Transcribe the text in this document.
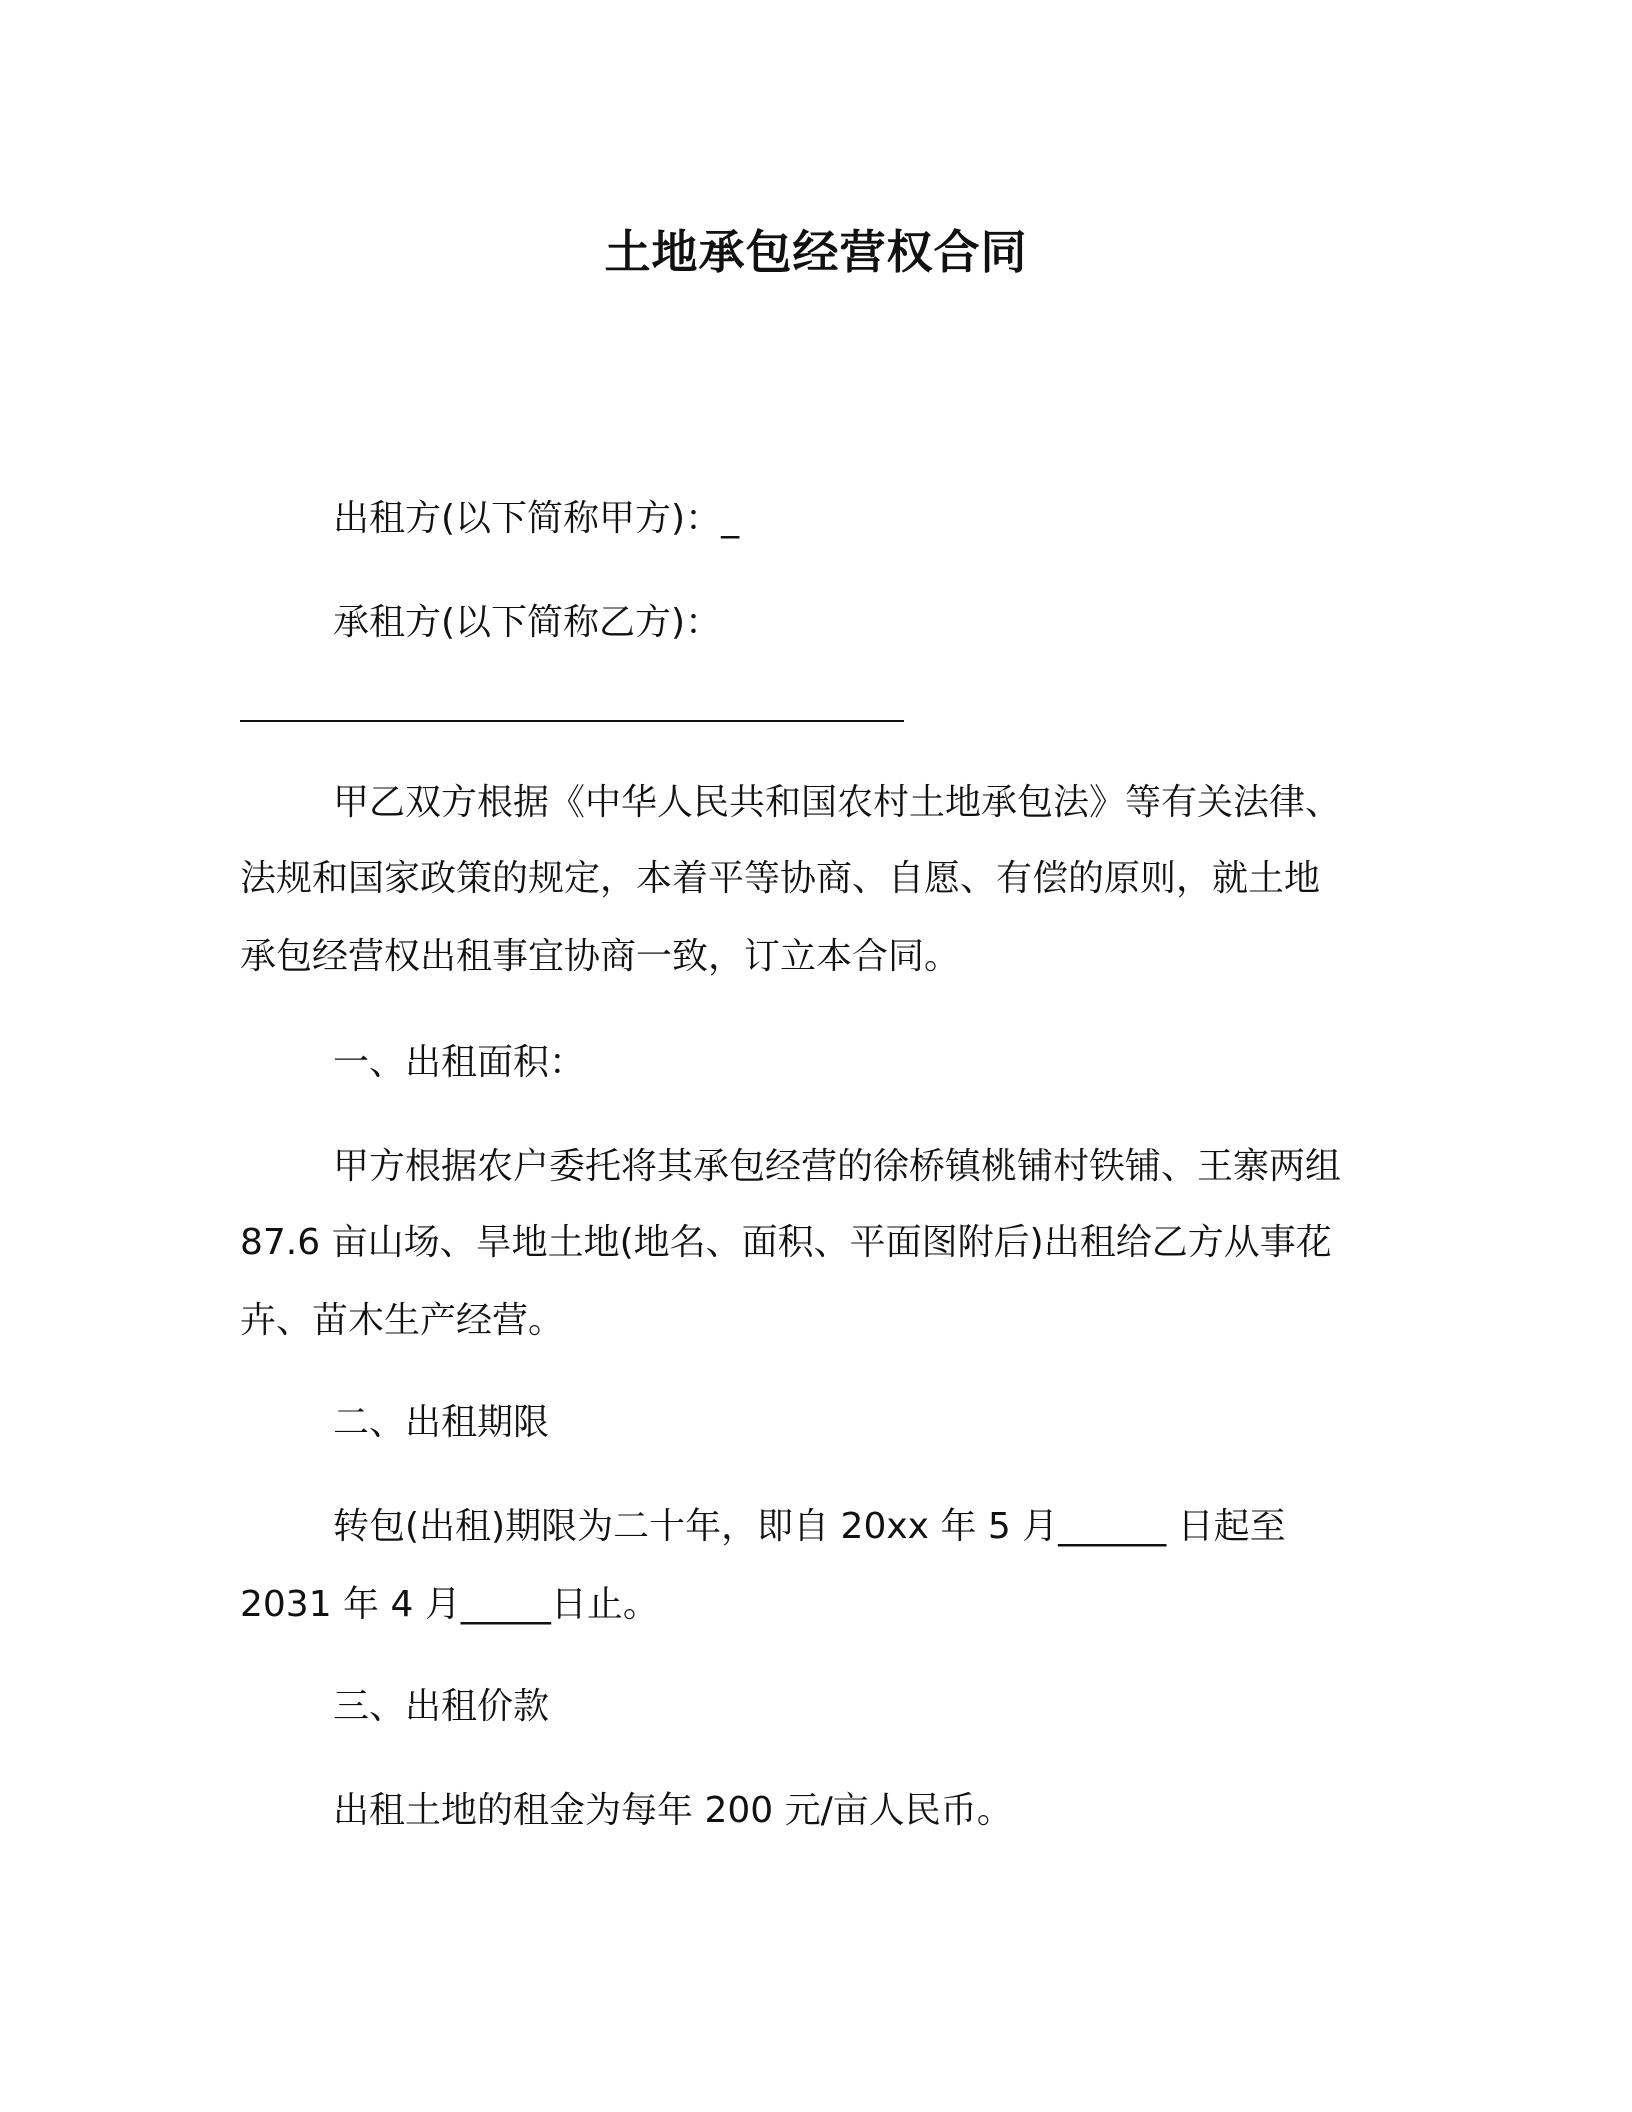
土地承包经营权合同
出租方(以下简称甲方)：_
承租方(以下简称乙方)：
甲乙双方根据《中华人民共和国农村土地承包法》等有关法律、
法规和国家政策的规定，本着平等协商、自愿、有偿的原则，就土地
承包经营权出租事宜协商一致，订立本合同。
一、出租面积：
甲方根据农户委托将其承包经营的徐桥镇桃铺村铁铺、王寨两组
87.6 亩山场、旱地土地(地名、面积、平面图附后)出租给乙方从事花
卉、苗木生产经营。
二、出租期限
转包(出租)期限为二十年，即自 20xx 年 5 月______ 日起至
2031 年 4 月_____日止。
三、出租价款
出租土地的租金为每年 200 元/亩人民币。
